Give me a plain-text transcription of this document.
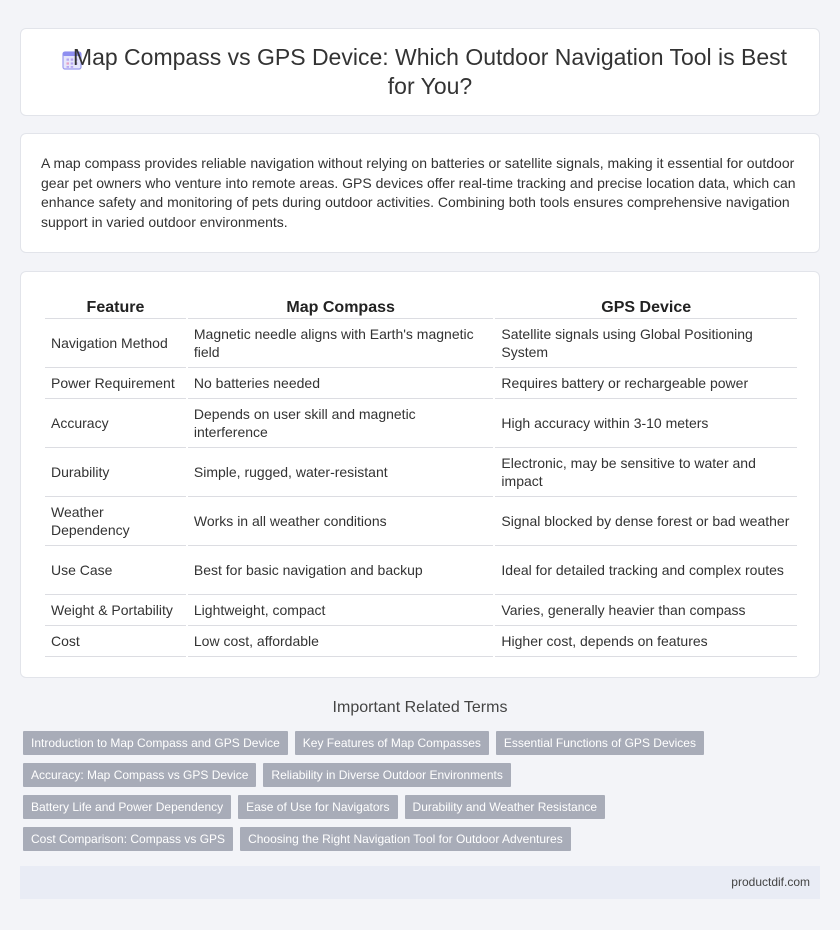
Map Compass vs GPS Device: Which Outdoor Navigation Tool is Best for You?

A map compass provides reliable navigation without relying on batteries or satellite signals, making it essential for outdoor gear pet owners who venture into remote areas. GPS devices offer real-time tracking and precise location data, which can enhance safety and monitoring of pets during outdoor activities. Combining both tools ensures comprehensive navigation support in varied outdoor environments.

Feature	Map Compass	GPS Device
Navigation Method	Magnetic needle aligns with Earth's magnetic field	Satellite signals using Global Positioning System
Power Requirement	No batteries needed	Requires battery or rechargeable power
Accuracy	Depends on user skill and magnetic interference	High accuracy within 3-10 meters
Durability	Simple, rugged, water-resistant	Electronic, may be sensitive to water and impact
Weather Dependency	Works in all weather conditions	Signal blocked by dense forest or bad weather
Use Case	Best for basic navigation and backup	Ideal for detailed tracking and complex routes
Weight & Portability	Lightweight, compact	Varies, generally heavier than compass
Cost	Low cost, affordable	Higher cost, depends on features
Important Related Terms
Introduction to Map Compass and GPS Device	Key Features of Map Compasses	Essential Functions of GPS Devices
Accuracy: Map Compass vs GPS Device	Reliability in Diverse Outdoor Environments
Battery Life and Power Dependency	Ease of Use for Navigators	Durability and Weather Resistance
Cost Comparison: Compass vs GPS	Choosing the Right Navigation Tool for Outdoor Adventures
productdif.com
